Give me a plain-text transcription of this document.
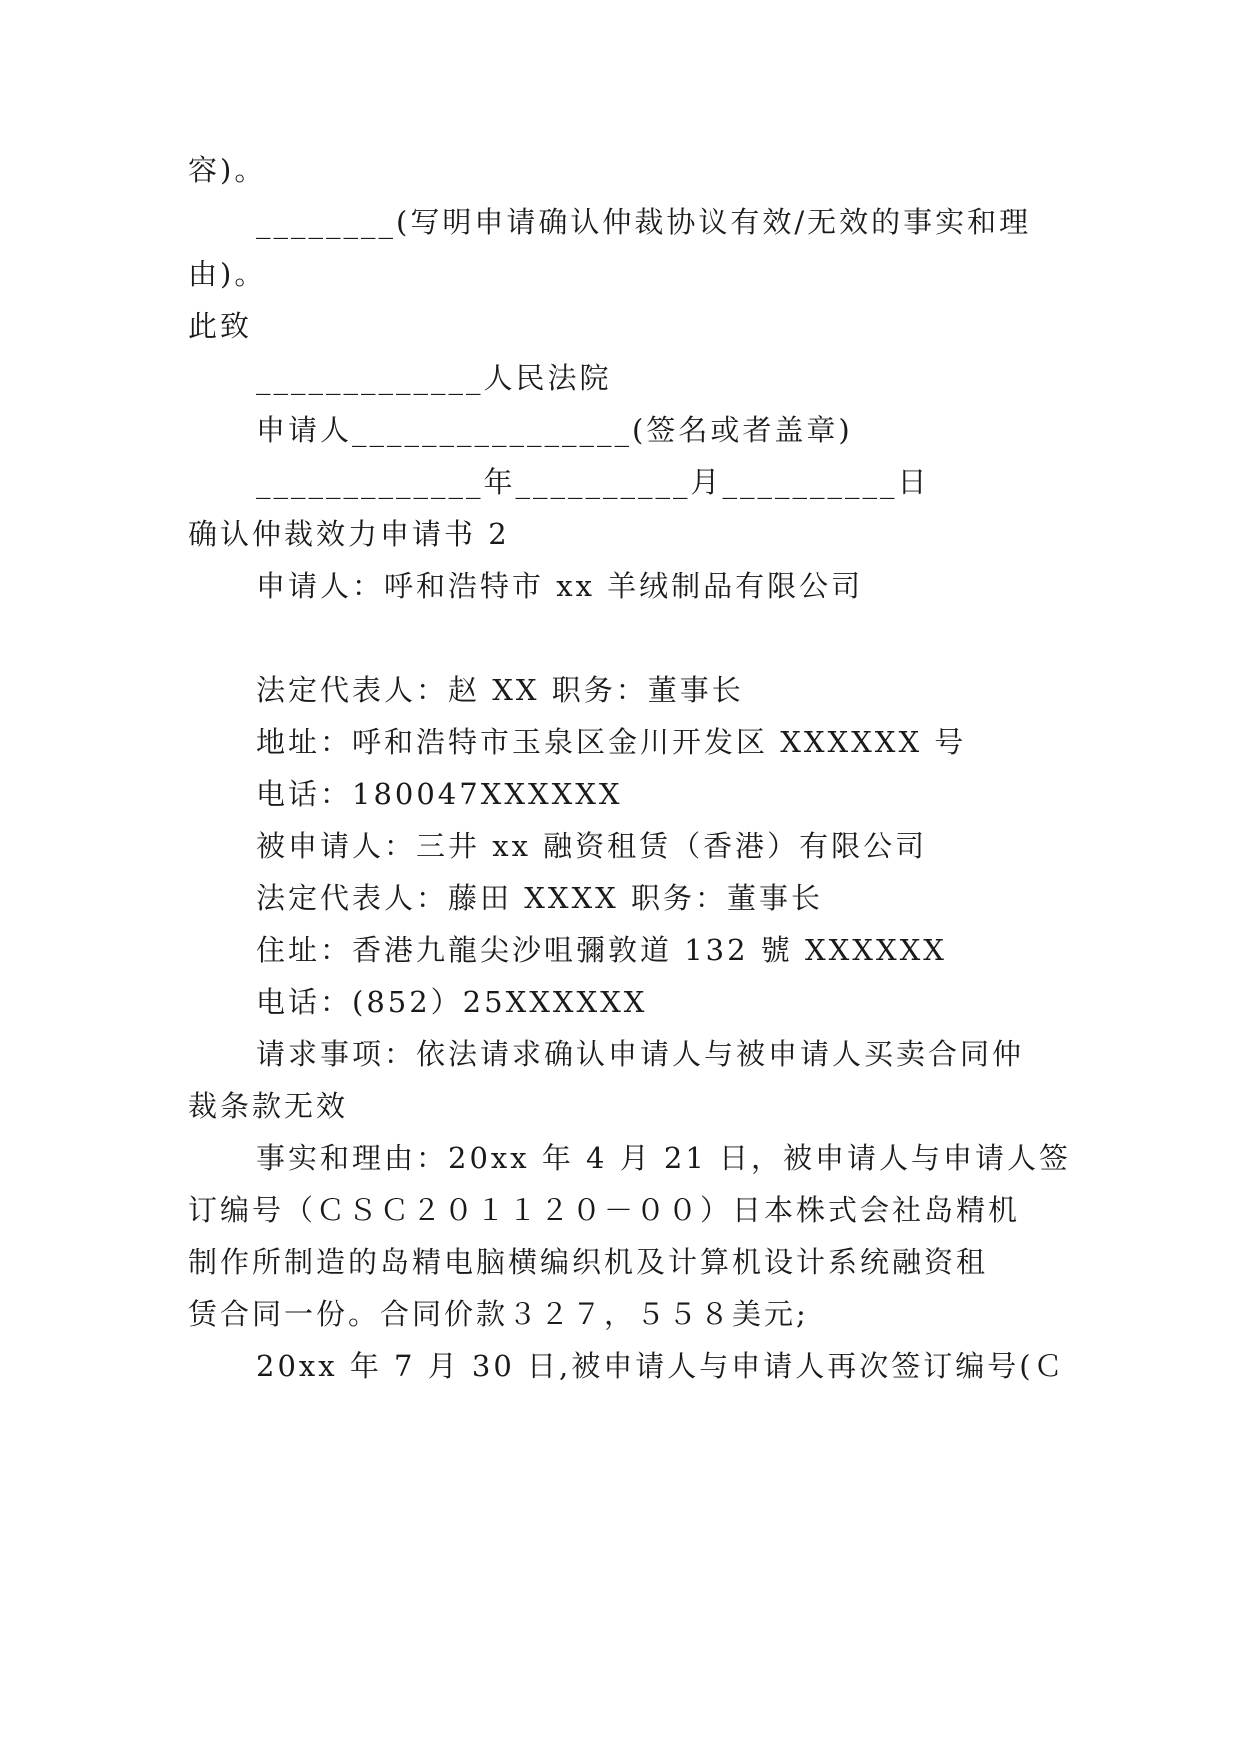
容)。
________(写明申请确认仲裁协议有效/无效的事实和理
由)。
此致
_____________人民法院
申请人________________(签名或者盖章)
_____________年__________月__________日
确认仲裁效力申请书 2
申请人：呼和浩特市 xx 羊绒制品有限公司
法定代表人：赵 XX 职务：董事长
地址：呼和浩特市玉泉区金川开发区 XXXXXX 号
电话：180047XXXXXX
被申请人：三井 xx 融资租赁（香港）有限公司
法定代表人：藤田 XXXX 职务：董事长
住址：香港九龍尖沙咀彌敦道 132 號 XXXXXX
电话：(852）25XXXXXX
请求事项：依法请求确认申请人与被申请人买卖合同仲
裁条款无效
事实和理由：20xx 年 4 月 21 日，被申请人与申请人签
订编号（ＣＳＣ２０１１２０－００）日本株式会社岛精机
制作所制造的岛精电脑横编织机及计算机设计系统融资租
赁合同一份。合同价款３２７，５５８美元;
20xx 年 7 月 30 日,被申请人与申请人再次签订编号(Ｃ
